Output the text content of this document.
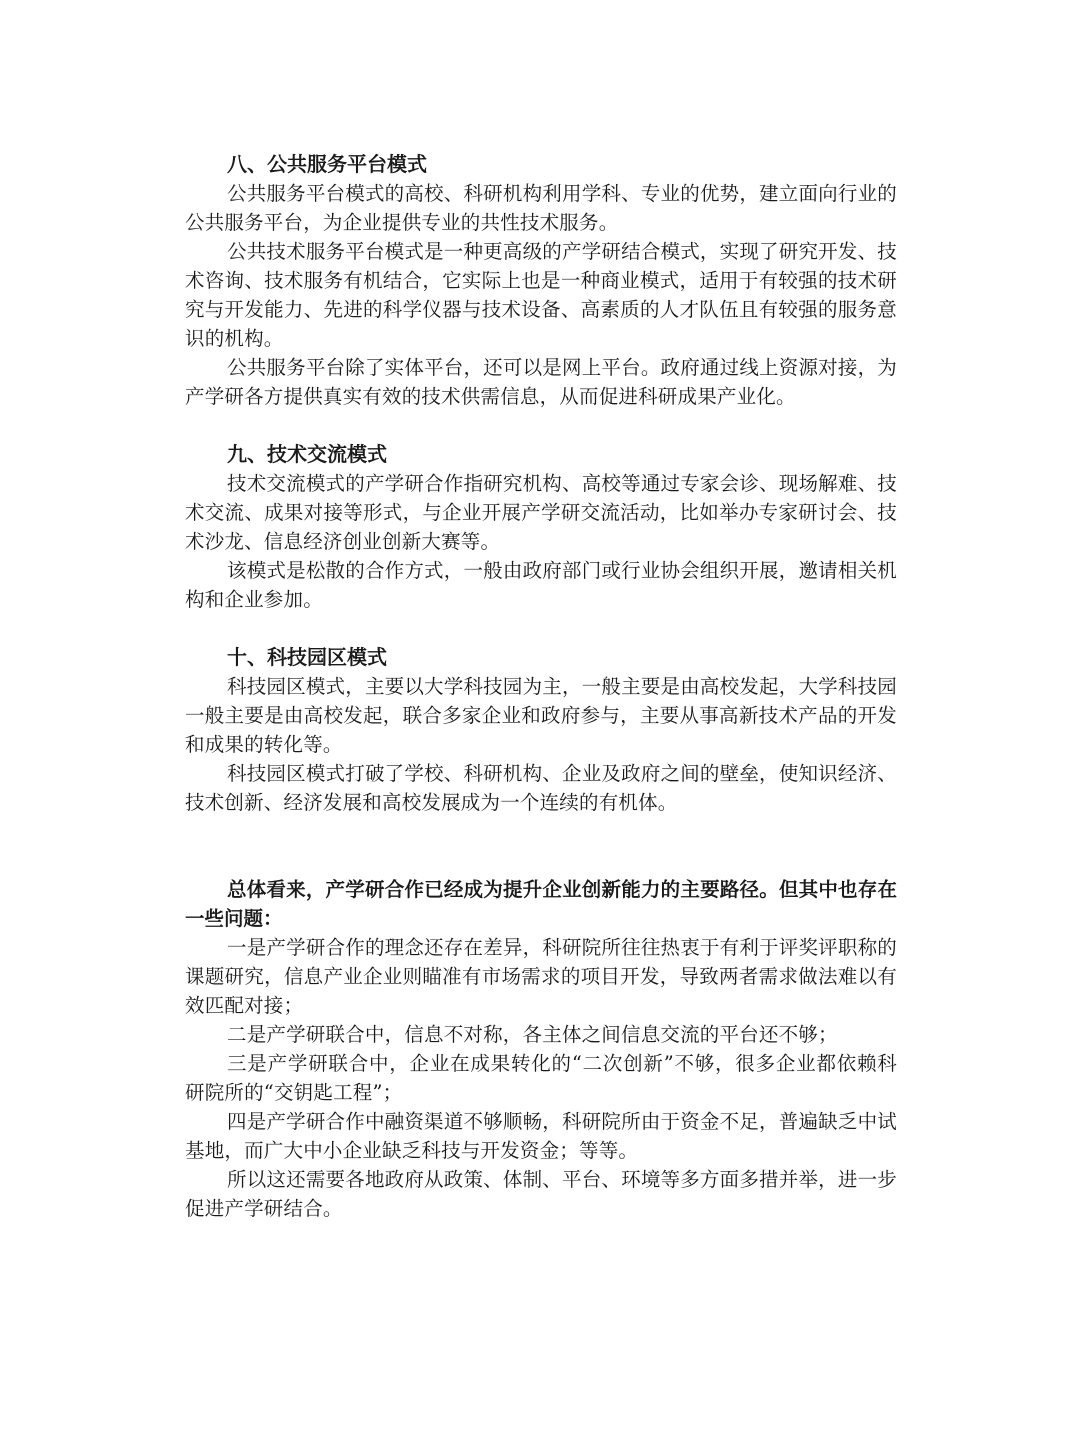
八、公共服务平台模式

公共服务平台模式的高校、科研机构利用学科、专业的优势，建立面向行业的公共服务平台，为企业提供专业的共性技术服务。

公共技术服务平台模式是一种更高级的产学研结合模式，实现了研究开发、技术咨询、技术服务有机结合，它实际上也是一种商业模式，适用于有较强的技术研究与开发能力、先进的科学仪器与技术设备、高素质的人才队伍且有较强的服务意识的机构。

公共服务平台除了实体平台，还可以是网上平台。政府通过线上资源对接，为产学研各方提供真实有效的技术供需信息，从而促进科研成果产业化。

九、技术交流模式

技术交流模式的产学研合作指研究机构、高校等通过专家会诊、现场解难、技术交流、成果对接等形式，与企业开展产学研交流活动，比如举办专家研讨会、技术沙龙、信息经济创业创新大赛等。

该模式是松散的合作方式，一般由政府部门或行业协会组织开展，邀请相关机构和企业参加。

十、科技园区模式

科技园区模式，主要以大学科技园为主，一般主要是由高校发起，大学科技园一般主要是由高校发起，联合多家企业和政府参与，主要从事高新技术产品的开发和成果的转化等。

科技园区模式打破了学校、科研机构、企业及政府之间的壁垒，使知识经济、技术创新、经济发展和高校发展成为一个连续的有机体。

总体看来，产学研合作已经成为提升企业创新能力的主要路径。但其中也存在一些问题：

一是产学研合作的理念还存在差异，科研院所往往热衷于有利于评奖评职称的课题研究，信息产业企业则瞄准有市场需求的项目开发，导致两者需求做法难以有效匹配对接；

二是产学研联合中，信息不对称，各主体之间信息交流的平台还不够；

三是产学研联合中，企业在成果转化的“二次创新”不够，很多企业都依赖科研院所的“交钥匙工程”；

四是产学研合作中融资渠道不够顺畅，科研院所由于资金不足，普遍缺乏中试基地，而广大中小企业缺乏科技与开发资金；等等。

所以这还需要各地政府从政策、体制、平台、环境等多方面多措并举，进一步促进产学研结合。
